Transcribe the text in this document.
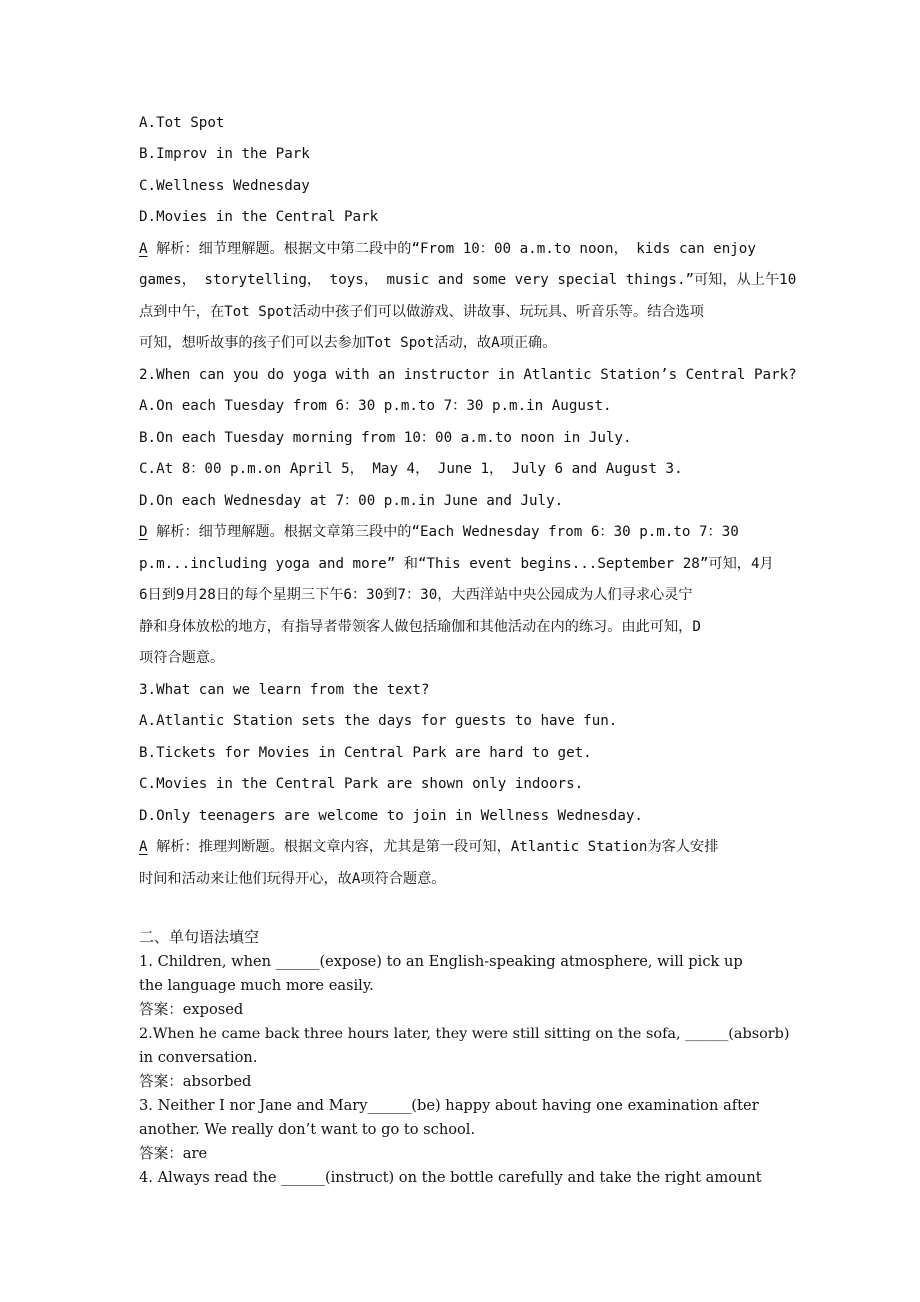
A.Tot Spot

B.Improv in the Park

C.Wellness Wednesday

D.Movies in the Central Park

A 解析：细节理解题。根据文中第二段中的“From 10：00 a.m.to noon， kids can enjoy

games， storytelling， toys， music and some very special things.”可知，从上午10

点到中午，在Tot Spot活动中孩子们可以做游戏、讲故事、玩玩具、听音乐等。结合选项

可知，想听故事的孩子们可以去参加Tot Spot活动，故A项正确。

2.When can you do yoga with an instructor in Atlantic Station’s Central Park?

A.On each Tuesday from 6：30 p.m.to 7：30 p.m.in August.

B.On each Tuesday morning from 10：00 a.m.to noon in July.

C.At 8：00 p.m.on April 5， May 4， June 1， July 6 and August 3.

D.On each Wednesday at 7：00 p.m.in June and July.

D 解析：细节理解题。根据文章第三段中的“Each Wednesday from 6：30 p.m.to 7：30

p.m...including yoga and more” 和“This event begins...September 28”可知，4月

6日到9月28日的每个星期三下午6：30到7：30，大西洋站中央公园成为人们寻求心灵宁

静和身体放松的地方，有指导者带领客人做包括瑜伽和其他活动在内的练习。由此可知，D

项符合题意。

3.What can we learn from the text?

A.Atlantic Station sets the days for guests to have fun.

B.Tickets for Movies in Central Park are hard to get.

C.Movies in the Central Park are shown only indoors.

D.Only teenagers are welcome to join in Wellness Wednesday.

A 解析：推理判断题。根据文章内容，尤其是第一段可知，Atlantic Station为客人安排

时间和活动来让他们玩得开心，故A项符合题意。

二、单句语法填空

1. Children, when ______(expose) to an English-speaking atmosphere, will pick up

the language much more easily.

答案：exposed

2.When he came back three hours later, they were still sitting on the sofa, ______(absorb)

in conversation.

答案：absorbed

3. Neither I nor Jane and Mary______(be) happy about having one examination after

another. We really don’t want to go to school.

答案：are

4. Always read the ______(instruct) on the bottle carefully and take the right amount
